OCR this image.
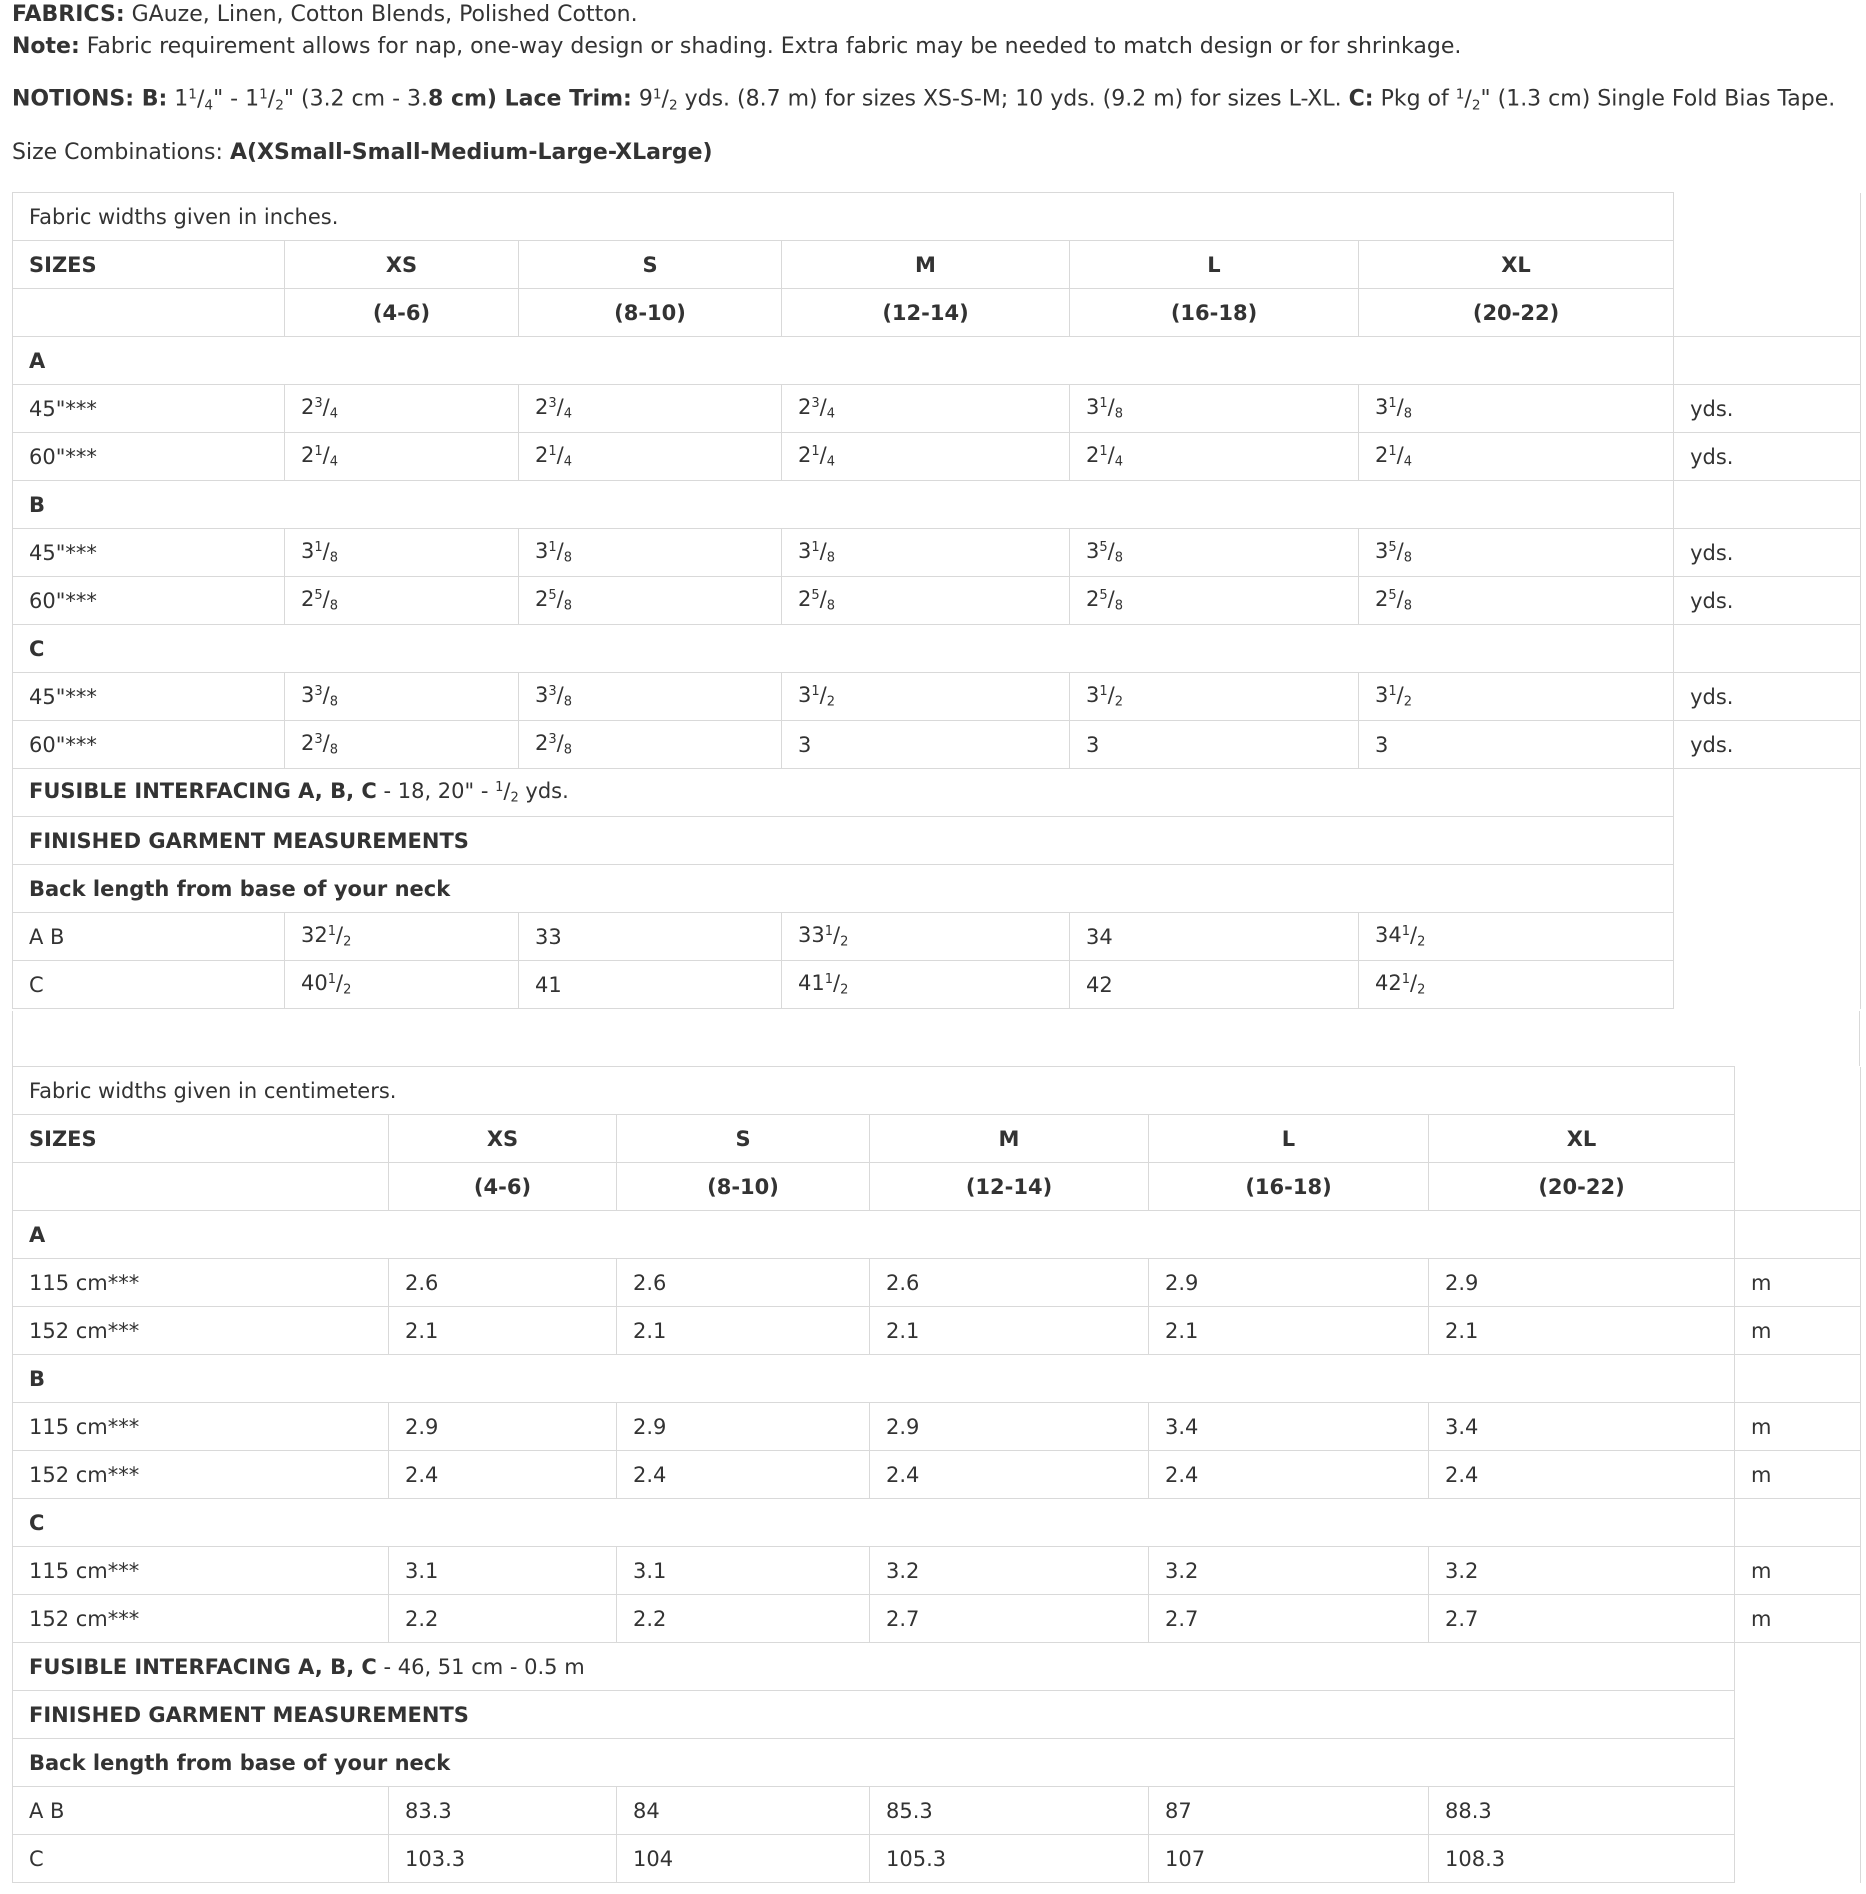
FABRICS: GAuze, Linen, Cotton Blends, Polished Cotton.

Note: Fabric requirement allows for nap, one-way design or shading. Extra fabric may be needed to match design or for shrinkage.

NOTIONS: B: $1^1/4$" - $1^1/2$" (3.2 cm - 3.8 cm) Lace Trim: $9^1/2$ yds. (8.7 m) for sizes XS-S-M; 10 yds. (9.2 m) for sizes L-XL. C: Pkg of $^1$/2" (1.3 cm) Single Fold Bias Tape.

Size Combinations: A(XSmall-Small-Medium-Large-XLarge)

Fabric widths given in inches.						
SIZES	XS	S	M	L	XL	
	(4-6)	(8-10)	(12-14)	(16-18)	(20-22)	
A						
45"***	$2^3/4$	$2^3/4$	$2^3/4$	$3^1/8$	$3^1/8$	yds.
60"***	$2^1/4$	$2^1/4$	$2^1/4$	$2^1/4$	$2^1/4$	yds.
B						
45"***	$3^1/8$	$3^1/8$	$3^1/8$	$3^5/8$	$3^5/8$	yds.
60"***	$2^5/8$	$2^5/8$	$2^5/8$	$2^5/8$	$2^5/8$	yds.
C						
45"***	$3^3/8$	$3^3/8$	$3^1/2$	$3^1/2$	$3^1/2$	yds.
60"***	$2^3/8$	$2^3/8$	3	3	3	yds.
FUSIBLE INTERFACING A, B, C - 18, 20" - $^1$/2 yds.						
FINISHED GARMENT MEASUREMENTS						
Back length from base of your neck						
A B	$32^1/2$	33	$33^1/2$	34	$34^1/2$	
C	$40^1/2$	41	$41^1/2$	42	$42^1/2$	
Fabric widths given in centimeters.						
SIZES	XS	S	M	L	XL	
	(4-6)	(8-10)	(12-14)	(16-18)	(20-22)	
A						
115 cm***	2.6	2.6	2.6	2.9	2.9	m
152 cm***	2.1	2.1	2.1	2.1	2.1	m
B						
115 cm***	2.9	2.9	2.9	3.4	3.4	m
152 cm***	2.4	2.4	2.4	2.4	2.4	m
C						
115 cm***	3.1	3.1	3.2	3.2	3.2	m
152 cm***	2.2	2.2	2.7	2.7	2.7	m
FUSIBLE INTERFACING A, B, C - 46, 51 cm - 0.5 m						
FINISHED GARMENT MEASUREMENTS						
Back length from base of your neck						
A B	83.3	84	85.3	87	88.3	
C	103.3	104	105.3	107	108.3	
